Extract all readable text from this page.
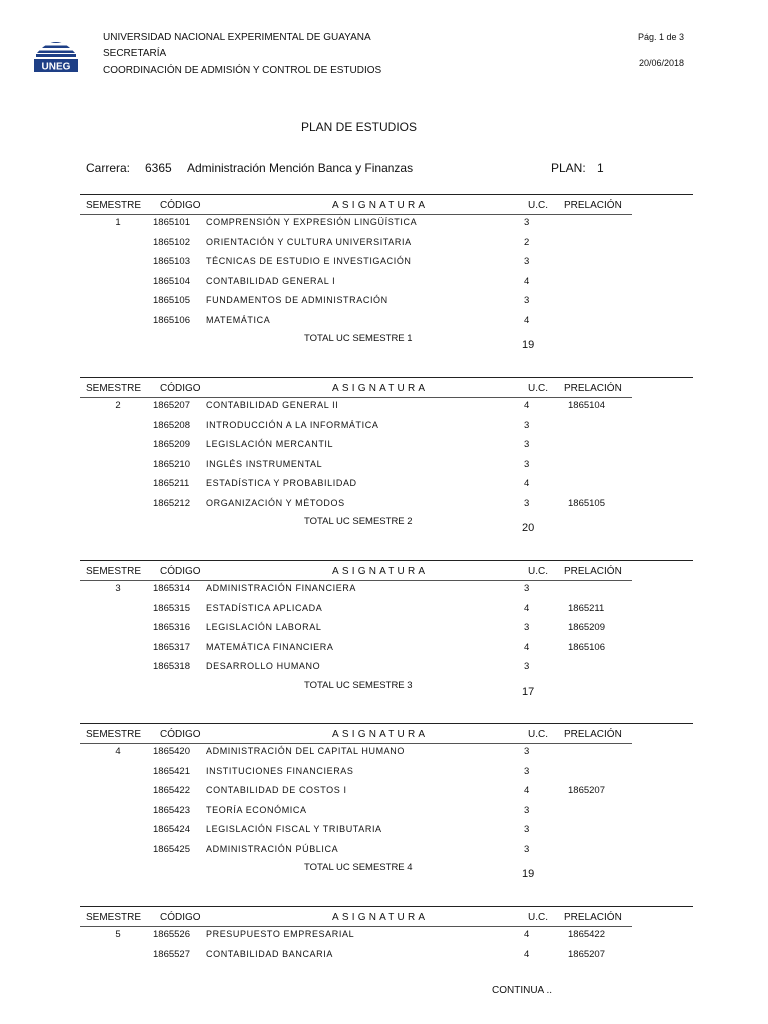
UNEG
UNIVERSIDAD NACIONAL EXPERIMENTAL DE GUAYANA
SECRETARÍA
COORDINACIÓN DE ADMISIÓN Y CONTROL DE ESTUDIOS
Pág. 1 de 3
20/06/2018
PLAN DE ESTUDIOS
Carrera: 6365 Administración Mención Banca y Finanzas	PLAN: 1
SEMESTRE CÓDIGO	ASIGNATURA	U.C. PRELACIÓN
1	1865101 COMPRENSIÓN Y EXPRESIÓN LINGÜÍSTICA	3
1865102 ORIENTACIÓN Y CULTURA UNIVERSITARIA	2
1865103 TÉCNICAS DE ESTUDIO E INVESTIGACIÓN	3
1865104 CONTABILIDAD GENERAL I	4
1865105 FUNDAMENTOS DE ADMINISTRACIÓN	3
1865106 MATEMÁTICA	4
TOTAL UC SEMESTRE 1
19
SEMESTRE CÓDIGO	ASIGNATURA	U.C. PRELACIÓN
2	1865207 CONTABILIDAD GENERAL II	4	1865104
1865208 INTRODUCCIÓN A LA INFORMÁTICA	3
1865209 LEGISLACIÓN MERCANTIL	3
1865210 INGLÉS INSTRUMENTAL	3
1865211 ESTADÍSTICA Y PROBABILIDAD	4
1865212 ORGANIZACIÓN Y MÉTODOS	3	1865105
TOTAL UC SEMESTRE 2
20
SEMESTRE CÓDIGO	ASIGNATURA	U.C. PRELACIÓN
3	1865314 ADMINISTRACIÓN FINANCIERA	3
1865315 ESTADÍSTICA APLICADA	4	1865211
1865316 LEGISLACIÓN LABORAL	3	1865209
1865317 MATEMÁTICA FINANCIERA	4	1865106
1865318 DESARROLLO HUMANO	3
TOTAL UC SEMESTRE 3
17
SEMESTRE CÓDIGO	ASIGNATURA	U.C. PRELACIÓN
4	1865420 ADMINISTRACIÓN DEL CAPITAL HUMANO	3
1865421 INSTITUCIONES FINANCIERAS	3
1865422 CONTABILIDAD DE COSTOS I	4	1865207
1865423 TEORÍA ECONÓMICA	3
1865424 LEGISLACIÓN FISCAL Y TRIBUTARIA	3
1865425 ADMINISTRACIÓN PÚBLICA	3
TOTAL UC SEMESTRE 4
19
SEMESTRE CÓDIGO	ASIGNATURA	U.C. PRELACIÓN
5	1865526 PRESUPUESTO EMPRESARIAL	4	1865422
1865527 CONTABILIDAD BANCARIA	4	1865207
CONTINUA ..
